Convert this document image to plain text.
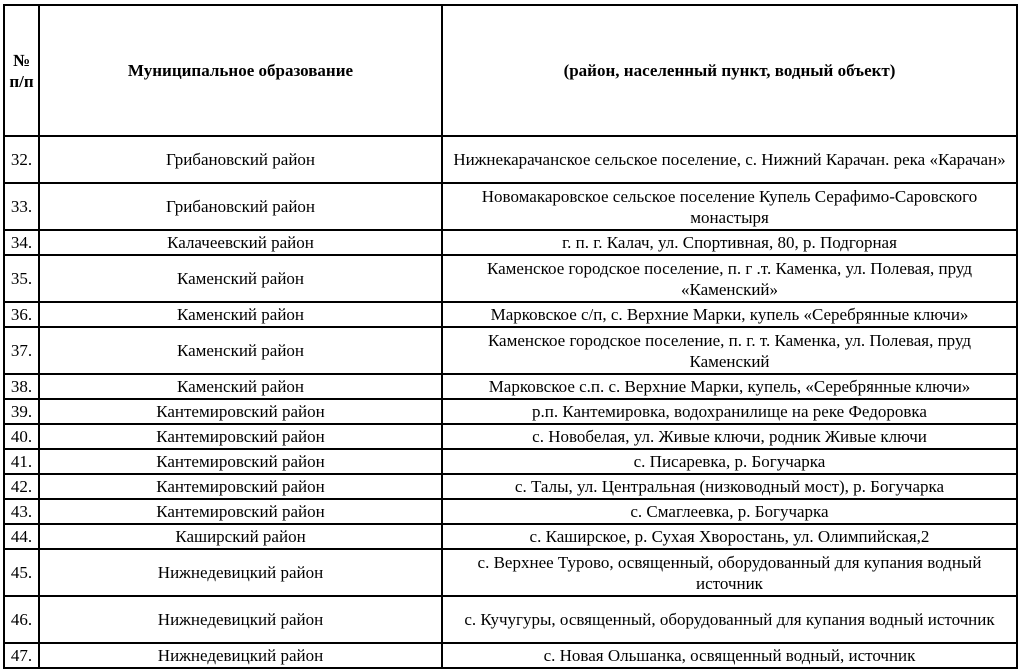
№ п/п	Муниципальное образование	(район, населенный пункт, водный объект)
32.	Грибановский район	Нижнекарачанское сельское поселение, с. Нижний Карачан. река «Карачан»
33.	Грибановский район	Новомакаровское сельское поселение Купель Серафимо-Саровского монастыря
34.	Калачеевский район	г. п. г. Калач, ул. Спортивная, 80, р. Подгорная
35.	Каменский район	Каменское городское поселение, п. г .т. Каменка, ул. Полевая, пруд «Каменский»
36.	Каменский район	Марковское с/п, с. Верхние Марки, купель «Серебрянные ключи»
37.	Каменский район	Каменское городское поселение, п. г. т. Каменка, ул. Полевая, пруд Каменский
38.	Каменский район	Марковское с.п. с. Верхние Марки, купель, «Серебрянные ключи»
39.	Кантемировский район	р.п. Кантемировка, водохранилище на реке Федоровка
40.	Кантемировский район	с. Новобелая, ул. Живые ключи, родник Живые ключи
41.	Кантемировский район	с. Писаревка, р. Богучарка
42.	Кантемировский район	с. Талы, ул. Центральная (низководный мост), р. Богучарка
43.	Кантемировский район	с. Смаглеевка, р. Богучарка
44.	Каширский район	с. Каширское, р. Сухая Хворостань, ул. Олимпийская,2
45.	Нижнедевицкий район	с. Верхнее Турово, освященный, оборудованный для купания водный источник
46.	Нижнедевицкий район	с. Кучугуры, освященный, оборудованный для купания водный источник
47.	Нижнедевицкий район	с. Новая Ольшанка, освященный водный, источник
